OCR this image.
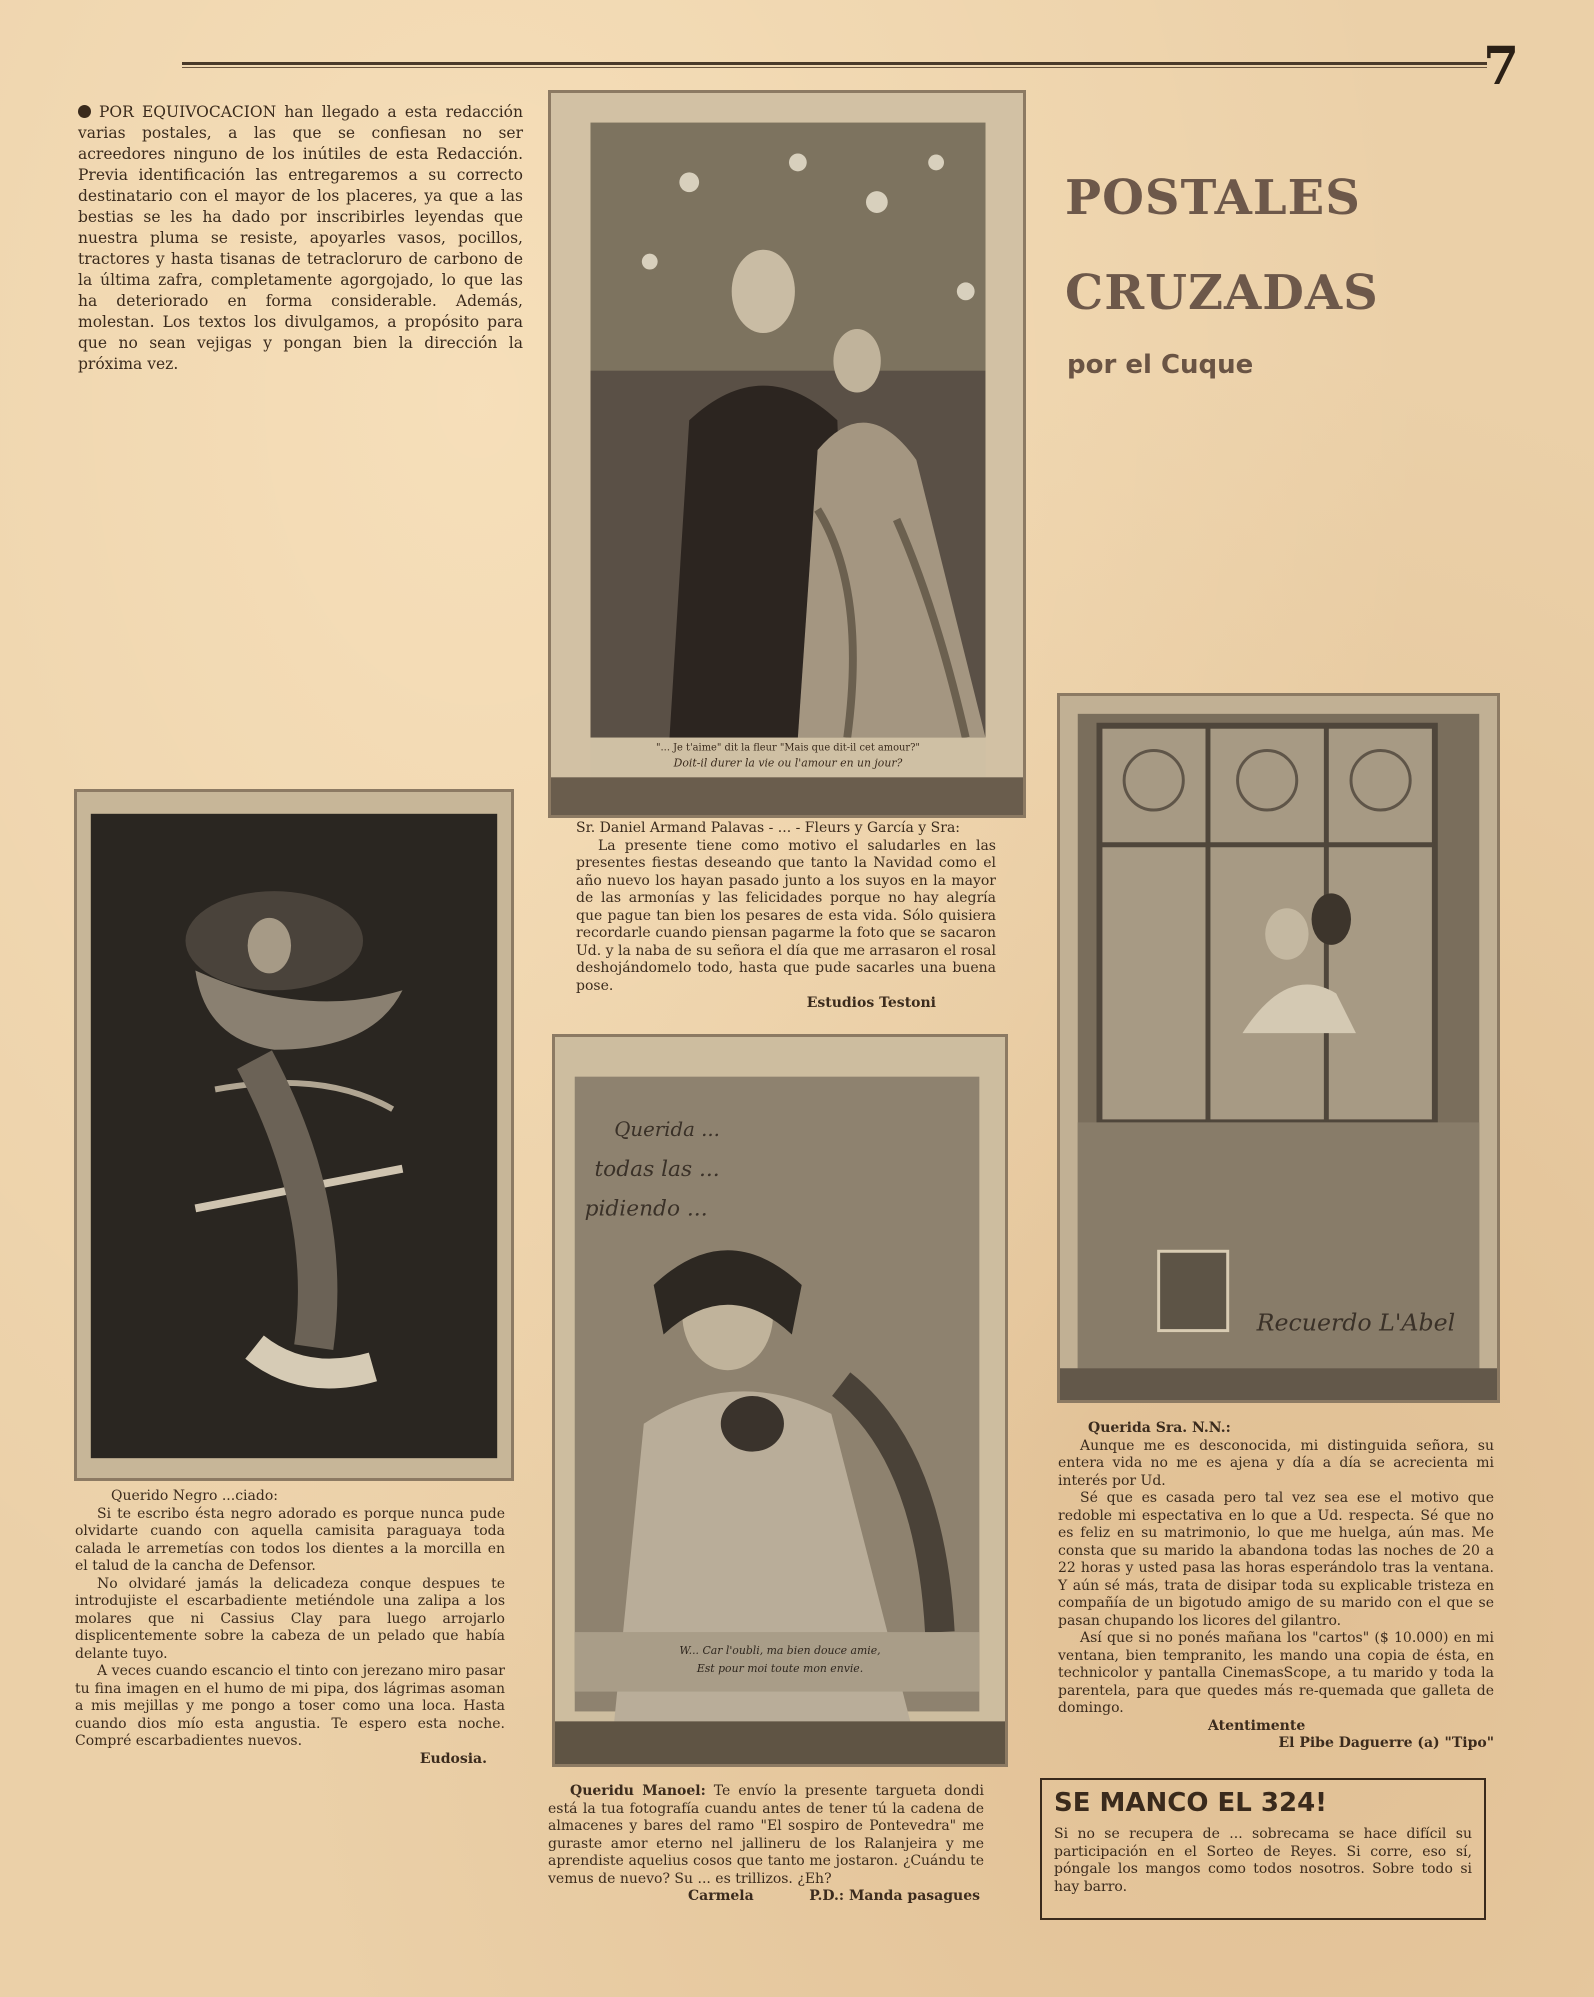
7

POR EQUIVOCACION han llegado a esta redacción varias postales, a las que se confiesan no ser acreedores ninguno de los inútiles de esta Redacción. Previa identificación las entregaremos a su correcto destinatario con el mayor de los placeres, ya que a las bestias se les ha dado por inscribirles leyendas que nuestra pluma se resiste, apoyarles vasos, pocillos, tractores y hasta tisanas de tetracloruro de carbono de la última zafra, completamente agorgojado, lo que las ha deteriorado en forma considerable. Además, molestan. Los textos los divulgamos, a propósito para que no sean vejigas y pongan bien la dirección la próxima vez.

POSTALES
CRUZADAS
por el Cuque
"... Je t'aime" dit la fleur "Mais que dit-il cet amour?"
Doit-il durer la vie ou l'amour en un jour?

Sr. Daniel Armand Palavas - ... - Fleurs y García y Sra:

La presente tiene como motivo el saludarles en las presentes fiestas deseando que tanto la Navidad como el año nuevo los hayan pasado junto a los suyos en la mayor de las armonías y las felicidades porque no hay alegría que pague tan bien los pesares de esta vida. Sólo quisiera recordarle cuando piensan pagarme la foto que se sacaron Ud. y la naba de su señora el día que me arrasaron el rosal deshojándomelo todo, hasta que pude sacarles una buena pose.

Estudios Testoni

Querido Negro ...ciado:

Si te escribo ésta negro adorado es porque nunca pude olvidarte cuando con aquella camisita paraguaya toda calada le arremetías con todos los dientes a la morcilla en el talud de la cancha de Defensor.

No olvidaré jamás la delicadeza conque despues te introdujiste el escarbadiente metiéndole una zalipa a los molares que ni Cassius Clay para luego arrojarlo displicentemente sobre la cabeza de un pelado que había delante tuyo.

A veces cuando escancio el tinto con jerezano miro pasar tu fina imagen en el humo de mi pipa, dos lágrimas asoman a mis mejillas y me pongo a toser como una loca. Hasta cuando dios mío esta angustia. Te espero esta noche. Compré escarbadientes nuevos.

Eudosia.

Querida ...
todas las ...
pidiendo ...
W... Car l'oubli, ma bien douce amie,
Est pour moi toute mon envie.

Queridu Manoel: Te envío la presente targueta dondi está la tua fotografía cuandu antes de tener tú la cadena de almacenes y bares del ramo "El sospiro de Pontevedra" me guraste amor eterno nel jallineru de los Ralanjeira y me aprendiste aquelius cosos que tanto me jostaron. ¿Cuándu te vemus de nuevo? Su ... es trillizos. ¿Eh?

Carmela	P.D.: Manda pasagues

Recuerdo L'Abel

Querida Sra. N.N.:

Aunque me es desconocida, mi distinguida señora, su entera vida no me es ajena y día a día se acrecienta mi interés por Ud.

Sé que es casada pero tal vez sea ese el motivo que redoble mi espectativa en lo que a Ud. respecta. Sé que no es feliz en su matrimonio, lo que me huelga, aún mas. Me consta que su marido la abandona todas las noches de 20 a 22 horas y usted pasa las horas esperándolo tras la ventana. Y aún sé más, trata de disipar toda su explicable tristeza en compañía de un bigotudo amigo de su marido con el que se pasan chupando los licores del gilantro.

Así que si no ponés mañana los "cartos" ($ 10.000) en mi ventana, bien tempranito, les mando una copia de ésta, en technicolor y pantalla CinemasScope, a tu marido y toda la parentela, para que quedes más re-quemada que galleta de domingo.

Atentimente

El Pibe Daguerre (a) "Tipo"

SE MANCO EL 324!
Si no se recupera de ... sobrecama se hace difícil su participación en el Sorteo de Reyes. Si corre, eso sí, póngale los mangos como todos nosotros. Sobre todo si hay barro.
